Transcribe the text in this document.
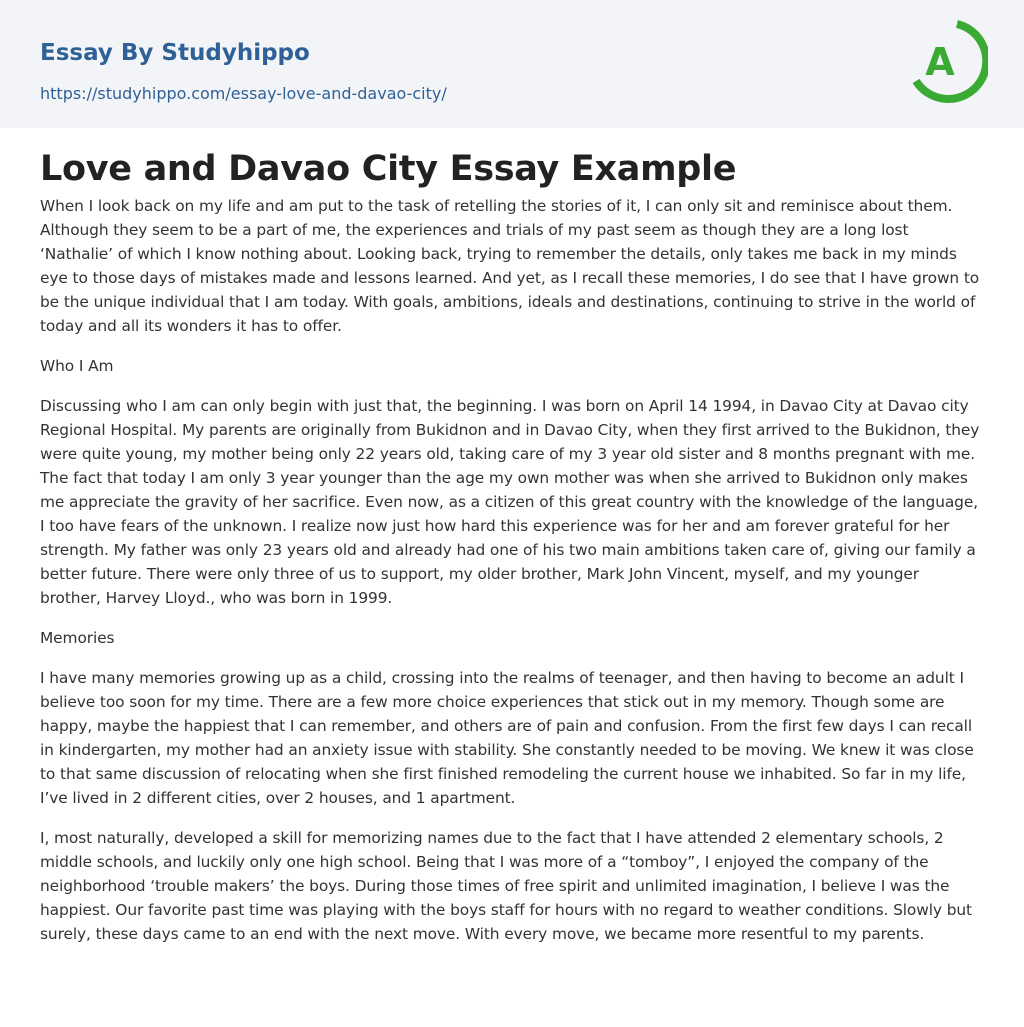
Essay By Studyhippo
https://studyhippo.com/essay-love-and-davao-city/
A
Love and Davao City Essay Example

When I look back on my life and am put to the task of retelling the stories of it, I can only sit and reminisce about them. Although they seem to be a part of me, the experiences and trials of my past seem as though they are a long lost ‘Nathalie’ of which I know nothing about. Looking back, trying to remember the details, only takes me back in my minds eye to those days of mistakes made and lessons learned. And yet, as I recall these memories, I do see that I have grown to be the unique individual that I am today. With goals, ambitions, ideals and destinations, continuing to strive in the world of today and all its wonders it has to offer.

Who I Am

Discussing who I am can only begin with just that, the beginning. I was born on April 14 1994, in Davao City at Davao city Regional Hospital. My parents are originally from Bukidnon and in Davao City, when they first arrived to the Bukidnon, they were quite young, my mother being only 22 years old, taking care of my 3 year old sister and 8 months pregnant with me. The fact that today I am only 3 year younger than the age my own mother was when she arrived to Bukidnon only makes me appreciate the gravity of her sacrifice. Even now, as a citizen of this great country with the knowledge of the language, I too have fears of the unknown. I realize now just how hard this experience was for her and am forever grateful for her strength. My father was only 23 years old and already had one of his two main ambitions taken care of, giving our family a better future. There were only three of us to support, my older brother, Mark John Vincent, myself, and my younger brother, Harvey Lloyd., who was born in 1999.

Memories

I have many memories growing up as a child, crossing into the realms of teenager, and then having to become an adult I believe too soon for my time. There are a few more choice experiences that stick out in my memory. Though some are happy, maybe the happiest that I can remember, and others are of pain and confusion. From the first few days I can recall in kindergarten, my mother had an anxiety issue with stability. She constantly needed to be moving. We knew it was close to that same discussion of relocating when she first finished remodeling the current house we inhabited. So far in my life, I’ve lived in 2 different cities, over 2 houses, and 1 apartment.

I, most naturally, developed a skill for memorizing names due to the fact that I have attended 2 elementary schools, 2 middle schools, and luckily only one high school. Being that I was more of a “tomboy”, I enjoyed the company of the neighborhood ‘trouble makers’ the boys. During those times of free spirit and unlimited imagination, I believe I was the happiest. Our favorite past time was playing with the boys staff for hours with no regard to weather conditions. Slowly but surely, these days came to an end with the next move. With every move, we became more resentful to my parents.
